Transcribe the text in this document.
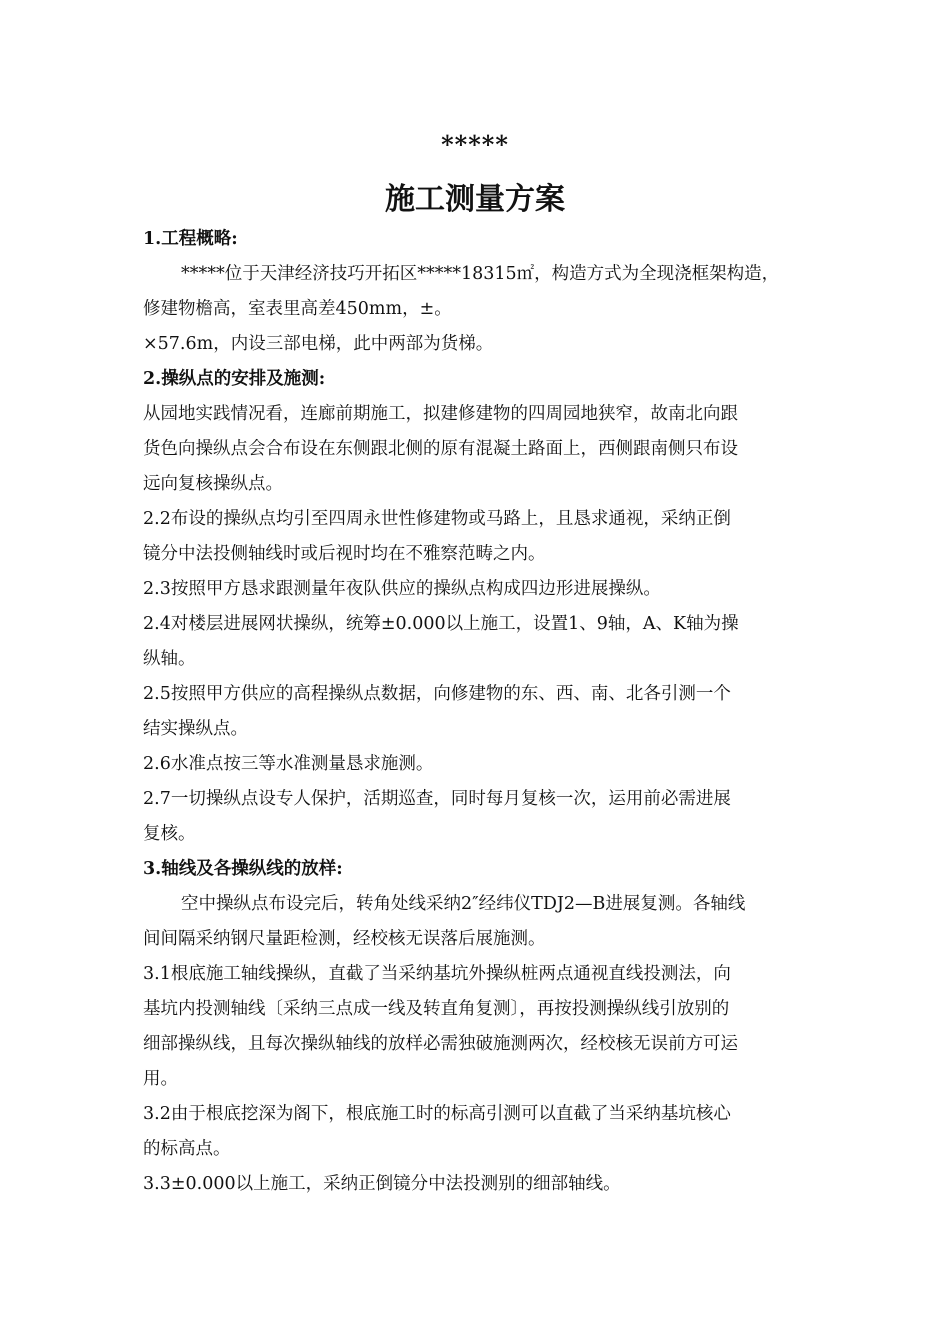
*****
施工测量方案
1.工程概略:
*****位于天津经济技巧开拓区*****18315㎡，构造方式为全现浇框架构造，
修建物檐高，室表里高差450mm，±。
×57.6m，内设三部电梯，此中两部为货梯。
2.操纵点的安排及施测:
从园地实践情况看，连廊前期施工，拟建修建物的四周园地狭窄，故南北向跟
货色向操纵点会合布设在东侧跟北侧的原有混凝土路面上，西侧跟南侧只布设
远向复核操纵点。
2.2布设的操纵点均引至四周永世性修建物或马路上，且恳求通视，采纳正倒
镜分中法投侧轴线时或后视时均在不雅察范畴之内。
2.3按照甲方恳求跟测量年夜队供应的操纵点构成四边形进展操纵。
2.4对楼层进展网状操纵，统筹±0.000以上施工，设置1、9轴，A、K轴为操
纵轴。
2.5按照甲方供应的高程操纵点数据，向修建物的东、西、南、北各引测一个
结实操纵点。
2.6水准点按三等水准测量恳求施测。
2.7一切操纵点设专人保护，活期巡查，同时每月复核一次，运用前必需进展
复核。
3.轴线及各操纵线的放样:
空中操纵点布设完后，转角处线采纳2″经纬仪TDJ2—B进展复测。各轴线
间间隔采纳钢尺量距检测，经校核无误落后展施测。
3.1根底施工轴线操纵，直截了当采纳基坑外操纵桩两点通视直线投测法，向
基坑内投测轴线〔采纳三点成一线及转直角复测〕，再按投测操纵线引放别的
细部操纵线，且每次操纵轴线的放样必需独破施测两次，经校核无误前方可运
用。
3.2由于根底挖深为阁下，根底施工时的标高引测可以直截了当采纳基坑核心
的标高点。
3.3±0.000以上施工，采纳正倒镜分中法投测别的细部轴线。
